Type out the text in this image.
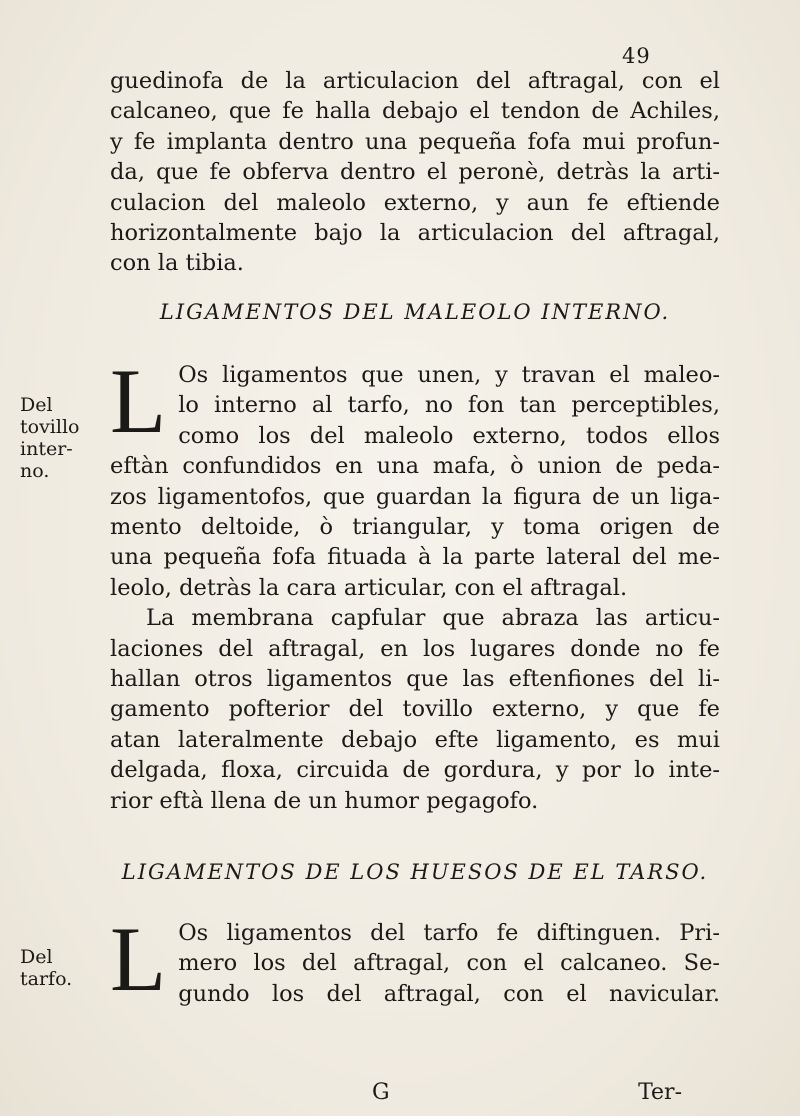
49
guedinofa de la articulacion del aftragal, con el
calcaneo, que fe halla debajo el tendon de Achiles,
y fe implanta dentro una pequeña fofa mui profun-
da, que fe obferva dentro el peronè, detràs la arti-
culacion del maleolo externo, y aun fe eftiende
horizontalmente bajo la articulacion del aftragal,
con la tibia.
LIGAMENTOS DEL MALEOLO INTERNO.
Del
tovillo
inter-
no.
L Os ligamentos que unen, y travan el maleo-
lo interno al tarfo, no fon tan perceptibles,
como los del maleolo externo, todos ellos
eftàn confundidos en una mafa, ò union de peda-
zos ligamentofos, que guardan la figura de un liga-
mento deltoide, ò triangular, y toma origen de
una pequeña fofa fituada à la parte lateral del me-
leolo, detràs la cara articular, con el aftragal.
La membrana capfular que abraza las articu-
laciones del aftragal, en los lugares donde no fe
hallan otros ligamentos que las eftenfiones del li-
gamento pofterior del tovillo externo, y que fe
atan lateralmente debajo efte ligamento, es mui
delgada, floxa, circuida de gordura, y por lo inte-
rior eftà llena de un humor pegagofo.
LIGAMENTOS DE LOS HUESOS DE EL TARSO.
Del
tarfo. L Os ligamentos del tarfo fe diftinguen. Pri-
mero los del aftragal, con el calcaneo. Se-
gundo los del aftragal, con el navicular.
G	Ter-
